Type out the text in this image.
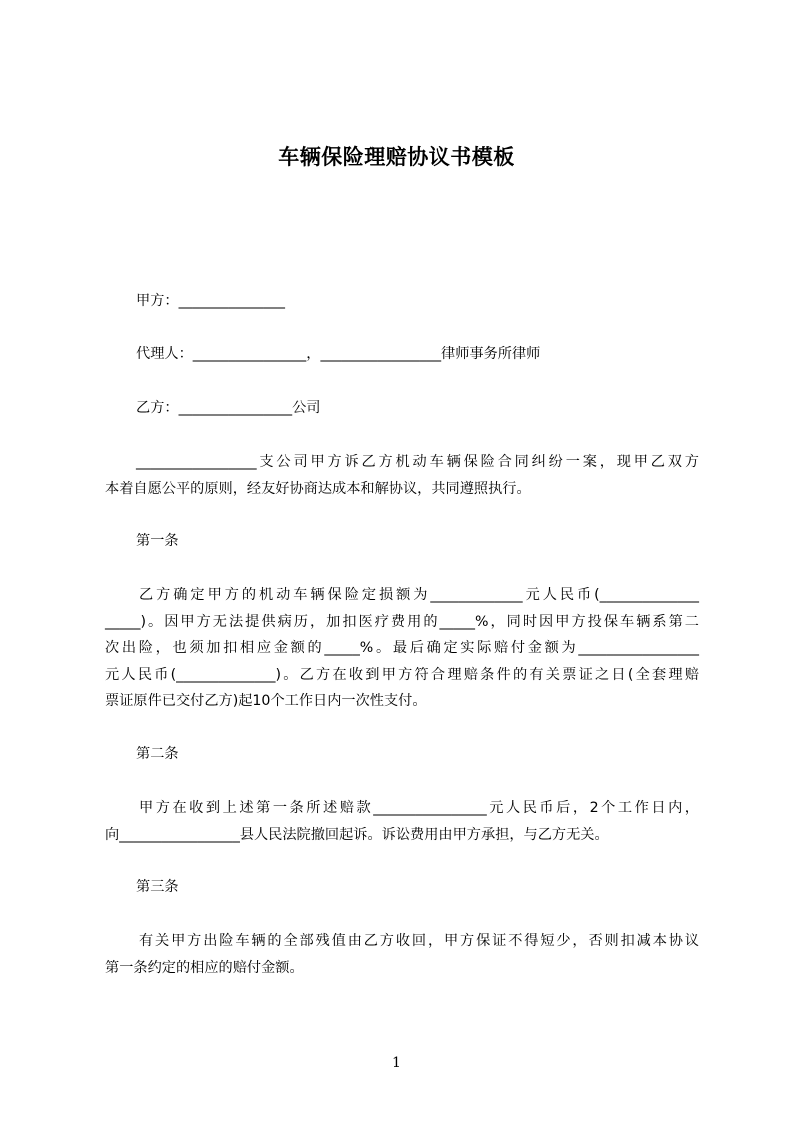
车辆保险理赔协议书模板
甲方：_______________
代理人：________________，_________________律师事务所律师
乙方：________________公司
_________________支公司甲方诉乙方机动车辆保险合同纠纷一案，现甲乙双方
本着自愿公平的原则，经友好协商达成本和解协议，共同遵照执行。
第一条
乙方确定甲方的机动车辆保险定损额为_____________元人民币(______________
_____)。因甲方无法提供病历，加扣医疗费用的_____%，同时因甲方投保车辆系第二
次出险，也须加扣相应金额的_____%。最后确定实际赔付金额为_________________
元人民币(______________)。乙方在收到甲方符合理赔条件的有关票证之日(全套理赔
票证原件已交付乙方)起10个工作日内一次性支付。
第二条
甲方在收到上述第一条所述赔款________________元人民币后，2个工作日内，
向_________________县人民法院撤回起诉。诉讼费用由甲方承担，与乙方无关。
第三条
有关甲方出险车辆的全部残值由乙方收回，甲方保证不得短少，否则扣减本协议
第一条约定的相应的赔付金额。
1
